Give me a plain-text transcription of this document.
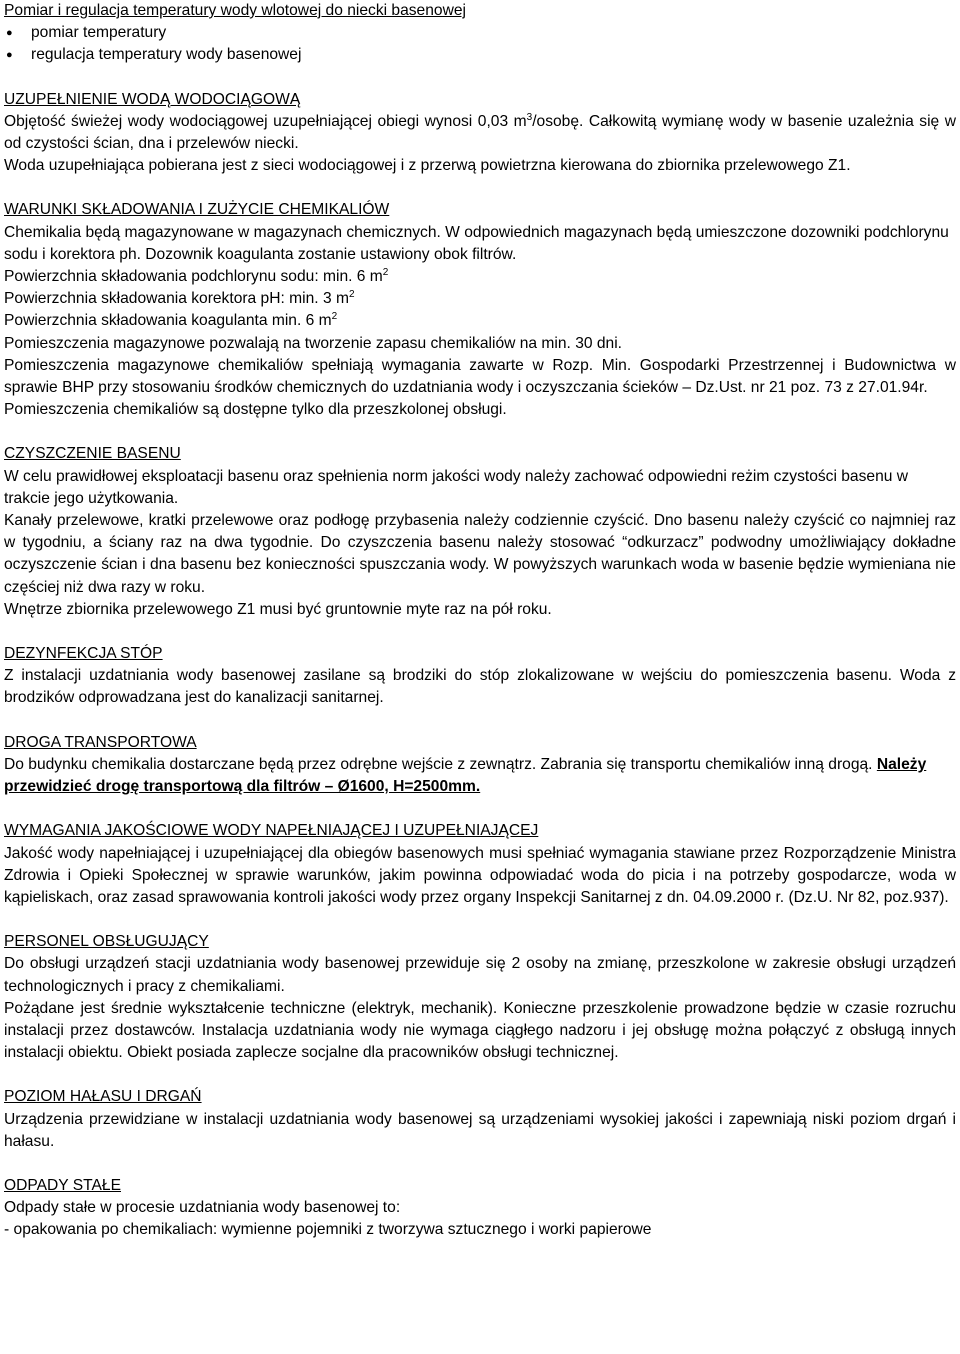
Pomiar i regulacja temperatury wody wlotowej do niecki basenowej
● pomiar temperatury
● regulacja temperatury wody basenowej
UZUPEŁNIENIE WODĄ WODOCIĄGOWĄ

Objętość świeżej wody wodociągowej uzupełniającej obiegi wynosi 0,03 $m^3$/osobę. Całkowitą wymianę wody w basenie uzależnia się w od czystości ścian, dna i przelewów niecki.

Woda uzupełniająca pobierana jest z sieci wodociągowej i z przerwą powietrzna kierowana do zbiornika przelewowego Z1.

WARUNKI SKŁADOWANIA I ZUŻYCIE CHEMIKALIÓW

Chemikalia będą magazynowane w magazynach chemicznych. W odpowiednich magazynach będą umieszczone dozowniki podchlorynu sodu i korektora ph. Dozownik koagulanta zostanie ustawiony obok filtrów.

Powierzchnia składowania podchlorynu sodu: min. 6 $m^2$

Powierzchnia składowania korektora pH: min. 3 $m^2$

Powierzchnia składowania koagulanta min. 6 $m^2$

Pomieszczenia magazynowe pozwalają na tworzenie zapasu chemikaliów na min. 30 dni.

Pomieszczenia magazynowe chemikaliów spełniają wymagania zawarte w Rozp. Min. Gospodarki Przestrzennej i Budownictwa w sprawie BHP przy stosowaniu środków chemicznych do uzdatniania wody i oczyszczania ścieków – Dz.Ust. nr 21 poz. 73 z 27.01.94r.

Pomieszczenia chemikaliów są dostępne tylko dla przeszkolonej obsługi.

CZYSZCZENIE BASENU

W celu prawidłowej eksploatacji basenu oraz spełnienia norm jakości wody należy zachować odpowiedni reżim czystości basenu w trakcie jego użytkowania.

Kanały przelewowe, kratki przelewowe oraz podłogę przybasenia należy codziennie czyścić. Dno basenu należy czyścić co najmniej raz w tygodniu, a ściany raz na dwa tygodnie. Do czyszczenia basenu należy stosować “odkurzacz” podwodny umożliwiający dokładne oczyszczenie ścian i dna basenu bez konieczności spuszczania wody. W powyższych warunkach woda w basenie będzie wymieniana nie częściej niż dwa razy w roku.

Wnętrze zbiornika przelewowego Z1 musi być gruntownie myte raz na pół roku.

DEZYNFEKCJA STÓP

Z instalacji uzdatniania wody basenowej zasilane są brodziki do stóp zlokalizowane w wejściu do pomieszczenia basenu. Woda z brodzików odprowadzana jest do kanalizacji sanitarnej.

DROGA TRANSPORTOWA

Do budynku chemikalia dostarczane będą przez odrębne wejście z zewnątrz. Zabrania się transportu chemikaliów inną drogą. Należy przewidzieć drogę transportową dla filtrów – Ø1600, H=2500mm.

WYMAGANIA JAKOŚCIOWE WODY NAPEŁNIAJĄCEJ I UZUPEŁNIAJĄCEJ

Jakość wody napełniającej i uzupełniającej dla obiegów basenowych musi spełniać wymagania stawiane przez Rozporządzenie Ministra Zdrowia i Opieki Społecznej w sprawie warunków, jakim powinna odpowiadać woda do picia i na potrzeby gospodarcze, woda w kąpieliskach, oraz zasad sprawowania kontroli jakości wody przez organy Inspekcji Sanitarnej z dn. 04.09.2000 r. (Dz.U. Nr 82, poz.937).

PERSONEL OBSŁUGUJĄCY

Do obsługi urządzeń stacji uzdatniania wody basenowej przewiduje się 2 osoby na zmianę, przeszkolone w zakresie obsługi urządzeń technologicznych i pracy z chemikaliami.

Pożądane jest średnie wykształcenie techniczne (elektryk, mechanik). Konieczne przeszkolenie prowadzone będzie w czasie rozruchu instalacji przez dostawców. Instalacja uzdatniania wody nie wymaga ciągłego nadzoru i jej obsługę można połączyć z obsługą innych instalacji obiektu. Obiekt posiada zaplecze socjalne dla pracowników obsługi technicznej.

POZIOM HAŁASU I DRGAŃ

Urządzenia przewidziane w instalacji uzdatniania wody basenowej są urządzeniami wysokiej jakości i zapewniają niski poziom drgań i hałasu.

ODPADY STAŁE

Odpady stałe w procesie uzdatniania wody basenowej to:

- opakowania po chemikaliach: wymienne pojemniki z tworzywa sztucznego i worki papierowe
